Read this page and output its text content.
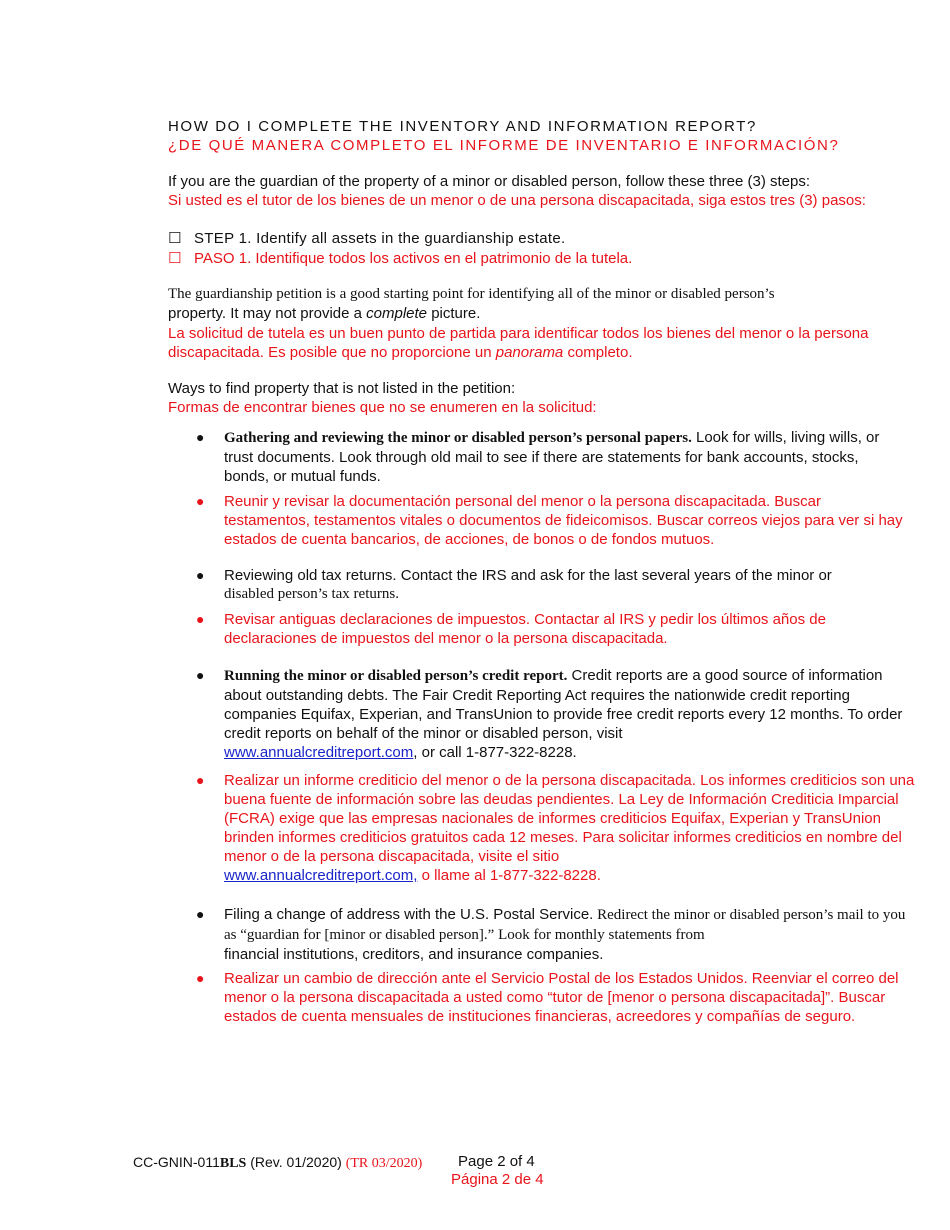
HOW DO I COMPLETE THE INVENTORY AND INFORMATION REPORT?
¿DE QUÉ MANERA COMPLETO EL INFORME DE INVENTARIO E INFORMACIÓN?
If you are the guardian of the property of a minor or disabled person, follow these three (3) steps:
Si usted es el tutor de los bienes de un menor o de una persona discapacitada, siga estos tres (3) pasos:
☐ STEP 1. Identify all assets in the guardianship estate.
☐ PASO 1. Identifique todos los activos en el patrimonio de la tutela.
The guardianship petition is a good starting point for identifying all of the minor or disabled person’s
property. It may not provide a complete picture.
La solicitud de tutela es un buen punto de partida para identificar todos los bienes del menor o la persona
discapacitada. Es posible que no proporcione un panorama completo.
Ways to find property that is not listed in the petition:
Formas de encontrar bienes que no se enumeren en la solicitud:
● Gathering and reviewing the minor or disabled person’s personal papers. Look for wills, living wills, or trust documents. Look through old mail to see if there are statements for bank accounts, stocks, bonds, or mutual funds.
● Reunir y revisar la documentación personal del menor o la persona discapacitada. Buscar testamentos, testamentos vitales o documentos de fideicomisos. Buscar correos viejos para ver si hay estados de cuenta bancarios, de acciones, de bonos o de fondos mutuos.
● Reviewing old tax returns. Contact the IRS and ask for the last several years of the minor or
disabled person’s tax returns.
● Revisar antiguas declaraciones de impuestos. Contactar al IRS y pedir los últimos años de declaraciones de impuestos del menor o la persona discapacitada.
● Running the minor or disabled person’s credit report. Credit reports are a good source of information about outstanding debts. The Fair Credit Reporting Act requires the nationwide credit reporting companies Equifax, Experian, and TransUnion to provide free credit reports every 12 months. To order credit reports on behalf of the minor or disabled person, visit
www.annualcreditreport.com, or call 1-877-322-8228.
● Realizar un informe crediticio del menor o de la persona discapacitada. Los informes crediticios son una buena fuente de información sobre las deudas pendientes. La Ley de Información Crediticia Imparcial (FCRA) exige que las empresas nacionales de informes crediticios Equifax, Experian y TransUnion brinden informes crediticios gratuitos cada 12 meses. Para solicitar informes crediticios en nombre del menor o de la persona discapacitada, visite el sitio
www.annualcreditreport.com, o llame al 1-877-322-8228.
● Filing a change of address with the U.S. Postal Service. Redirect the minor or disabled person’s mail to you as “guardian for [minor or disabled person].” Look for monthly statements from
financial institutions, creditors, and insurance companies.
● Realizar un cambio de dirección ante el Servicio Postal de los Estados Unidos. Reenviar el correo del menor o la persona discapacitada a usted como “tutor de [menor o persona discapacitada]”. Buscar estados de cuenta mensuales de instituciones financieras, acreedores y compañías de seguro.
CC-GNIN-011BLS (Rev. 01/2020) (TR 03/2020) Page 2 of 4
Página 2 de 4
